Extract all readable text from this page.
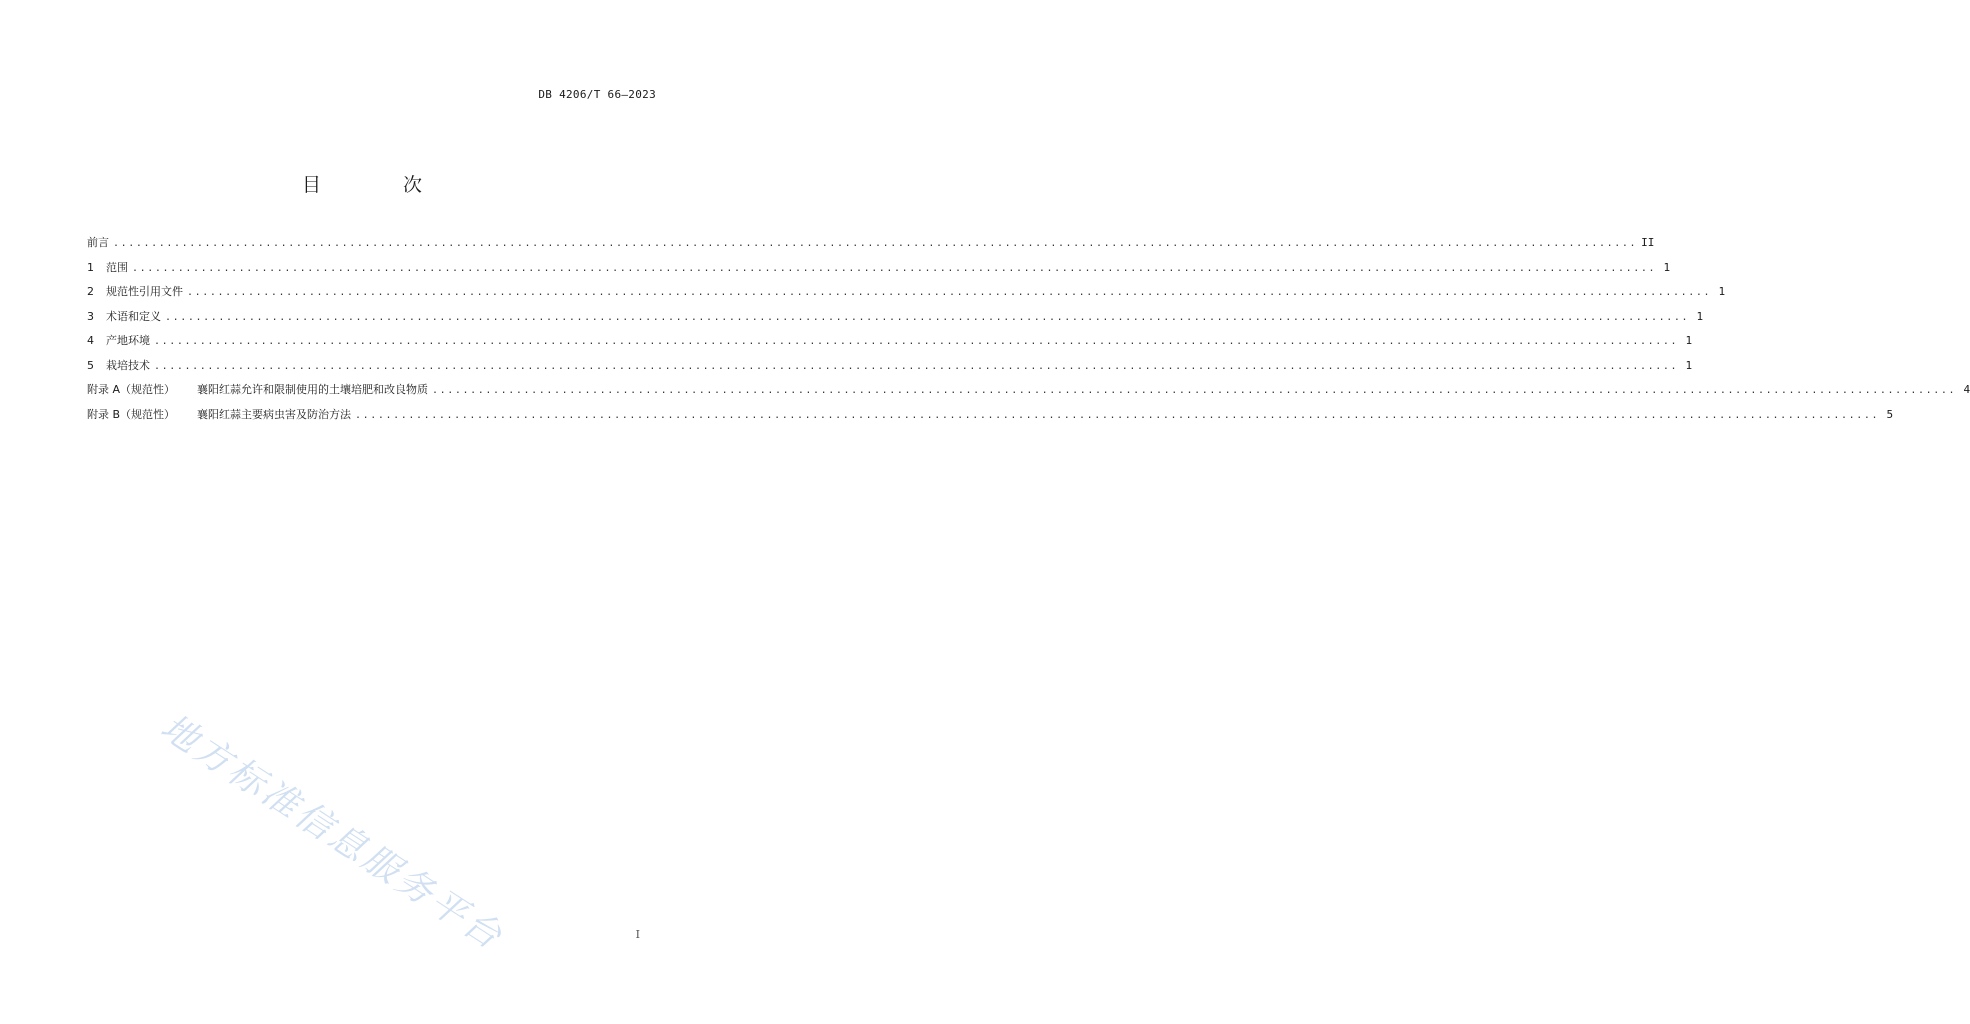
DB 4206/T 66—2023
目 次
前言 ........................................................................................................................................................................................................ II
1	范围 ........................................................................................................................................................................................................ 1
2	规范性引用文件 ........................................................................................................................................................................................................ 1
3	术语和定义 ........................................................................................................................................................................................................ 1
4	产地环境 ........................................................................................................................................................................................................ 1
5	栽培技术 ........................................................................................................................................................................................................ 1
附录 A（规范性） 襄阳红蒜允许和限制使用的土壤培肥和改良物质 ........................................................................................................................................................................................................ 4
附录 B（规范性） 襄阳红蒜主要病虫害及防治方法 ........................................................................................................................................................................................................ 5
地方标准信息服务平台	I
